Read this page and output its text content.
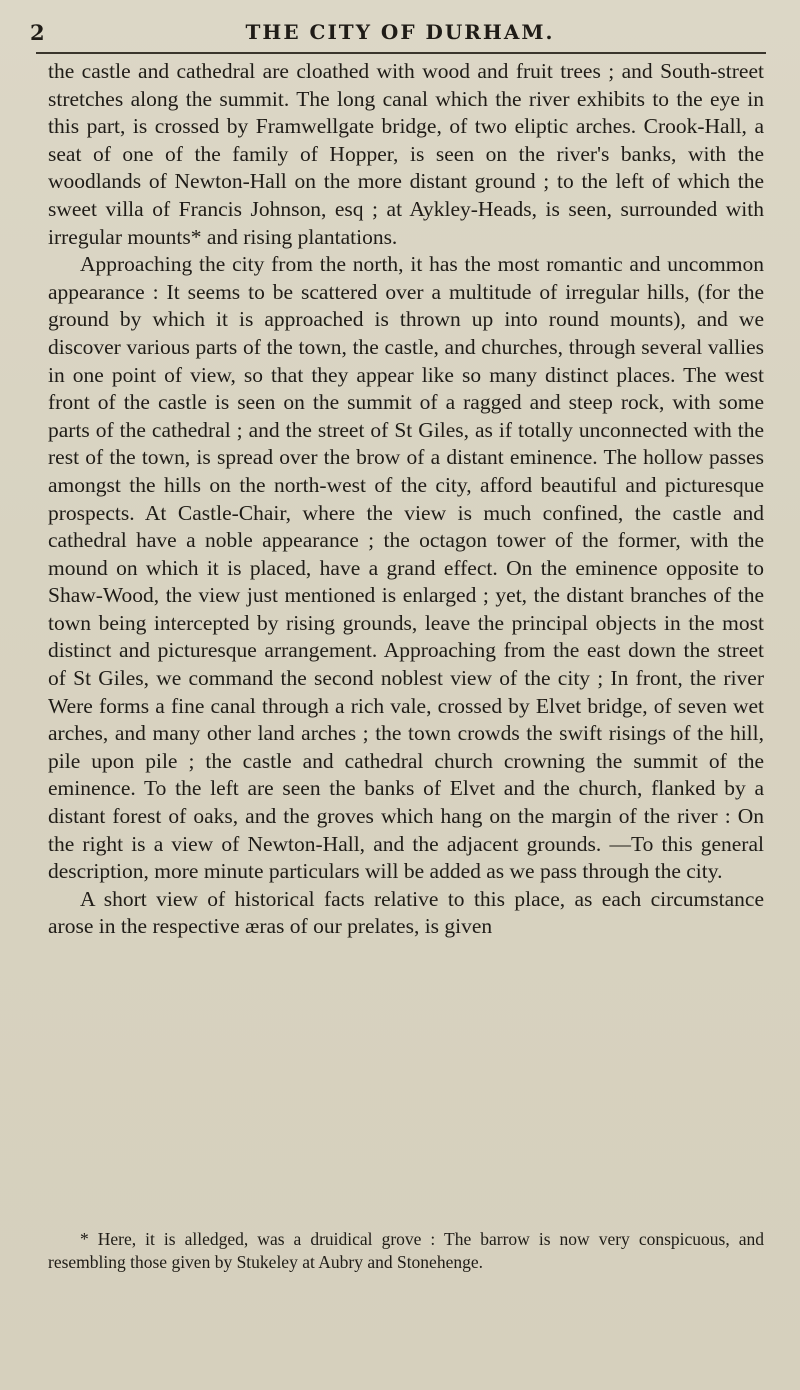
2	THE CITY OF DURHAM.

the castle and cathedral are cloathed with wood and fruit trees ; and South-street stretches along the summit. The long canal which the river exhibits to the eye in this part, is crossed by Framwellgate bridge, of two eliptic arches. Crook-Hall, a seat of one of the family of Hopper, is seen on the river's banks, with the woodlands of Newton-Hall on the more distant ground ; to the left of which the sweet villa of Francis Johnson, esq ; at Aykley-Heads, is seen, surrounded with irregular mounts* and rising plantations.

Approaching the city from the north, it has the most romantic and uncommon appearance : It seems to be scattered over a multitude of irregular hills, (for the ground by which it is approached is thrown up into round mounts), and we discover various parts of the town, the castle, and churches, through several vallies in one point of view, so that they appear like so many distinct places. The west front of the castle is seen on the summit of a ragged and steep rock, with some parts of the cathedral ; and the street of St Giles, as if totally unconnected with the rest of the town, is spread over the brow of a distant eminence. The hollow passes amongst the hills on the north-west of the city, afford beautiful and picturesque prospects. At Castle-Chair, where the view is much confined, the castle and cathedral have a noble appearance ; the octagon tower of the former, with the mound on which it is placed, have a grand effect. On the eminence opposite to Shaw-Wood, the view just mentioned is enlarged ; yet, the distant branches of the town being intercepted by rising grounds, leave the principal objects in the most distinct and picturesque arrangement. Approaching from the east down the street of St Giles, we command the second noblest view of the city ; In front, the river Were forms a fine canal through a rich vale, crossed by Elvet bridge, of seven wet arches, and many other land arches ; the town crowds the swift risings of the hill, pile upon pile ; the castle and cathedral church crowning the summit of the eminence. To the left are seen the banks of Elvet and the church, flanked by a distant forest of oaks, and the groves which hang on the margin of the river : On the right is a view of Newton-Hall, and the adjacent grounds. —To this general description, more minute particulars will be added as we pass through the city.

A short view of historical facts relative to this place, as each circumstance arose in the respective æras of our prelates, is given

* Here, it is alledged, was a druidical grove : The barrow is now very conspicuous, and resembling those given by Stukeley at Aubry and Stonehenge.
